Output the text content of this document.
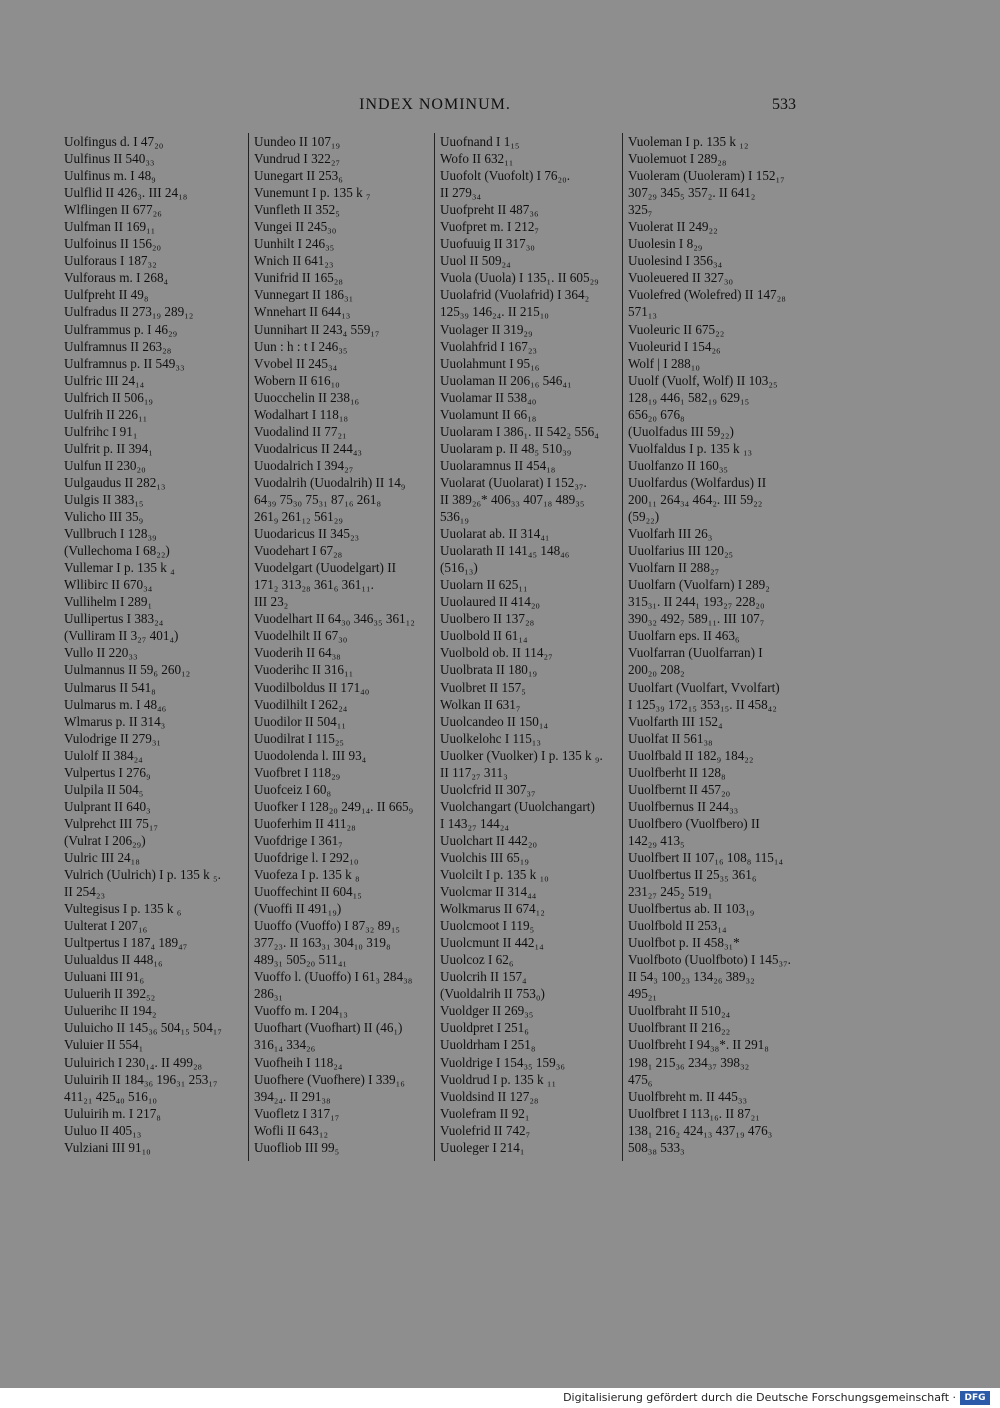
INDEX NOMINUM.	533
Uolfingus d. I 47₂₀
Uulfinus II 540₃₃
Uulfinus m. I 48₉
Uulflid II 426₃. III 24₁₈
Wlflingen II 677₂₆
Uulfman II 169₁₁
Uulfoinus II 156₂₀
Uulforaus I 187₃₂
Vulforaus m. I 268₄
Uulfpreht II 49₈
Uulfradus II 273₁₉ 289₁₂
Uulframmus p. I 46₂₉
Uulframnus II 263₂₈
Uulframnus p. II 549₃₃
Uulfric III 24₁₄
Uulfrich II 506₁₉
Uulfrih II 226₁₁
Uulfrihc I 91₁
Uulfrit p. II 394₁
Uulfun II 230₂₀
Uulgaudus II 282₁₃
Uulgis II 383₁₅
Vulicho III 35₉
Vullbruch I 128₃₉
(Vullechoma I 68₂₂)
Vullemar I p. 135 k ₄
Wllibirc II 670₃₄
Vullihelm I 289₁
Uullipertus I 383₂₄
(Vulliram II 3₂₇ 401₄)
Vullo II 220₃₃
Uulmannus II 59₆ 260₁₂
Uulmarus II 541₈
Uulmarus m. I 48₄₆
Wlmarus p. II 314₃
Vulodrige II 279₃₁
Uulolf II 384₂₄
Vulpertus I 276₉
Uulpila II 504₅
Uulprant II 640₃
Vulprehct III 75₁₇
(Vulrat I 206₂₉)
Uulric III 24₁₈
Vulrich (Uulrich) I p. 135 k ₅.
II 254₂₃
Vultegisus I p. 135 k ₆
Uulterat I 207₁₆
Uultpertus I 187₄ 189₄₇
Uulualdus II 448₁₆
Uuluani III 91₆
Uuluerih II 392₅₂
Uuluerihc II 194₂
Uuluicho II 145₃₆ 504₁₅ 504₁₇
Vuluier II 554₁
Uuluirich I 230₁₄. II 499₂₈
Uuluirih II 184₃₆ 196₃₁ 253₁₇
411₂₁ 425₄₀ 516₁₀
Uuluirih m. I 217₈
Uuluo II 405₁₃
Vulziani III 91₁₀
Uundeo II 107₁₉
Vundrud I 322₂₇
Uunegart II 253₆
Vunemunt I p. 135 k ₇
Vunfleth II 352₅
Vungei II 245₃₀
Uunhilt I 246₃₅
Wnich II 641₂₃
Vunifrid II 165₂₈
Vunnegart II 186₃₁
Wnnehart II 644₁₃
Uunnihart II 243₄ 559₁₇
Uun : h : t I 246₃₅
Vvobel II 245₃₄
Wobern II 616₁₀
Uuocchelin II 238₁₆
Wodalhart I 118₁₈
Vuodalind II 77₂₁
Vuodalricus II 244₄₃
Uuodalrich I 394₂₇
Vuodalrih (Uuodalrih) II 14₉
64₃₉ 75₃₀ 75₃₁ 87₁₆ 261₈
261₉ 261₁₂ 561₂₉
Uuodaricus II 345₂₃
Vuodehart I 67₂₈
Vuodelgart (Uuodelgart) II
171₂ 313₂₈ 361₆ 361₁₁.
III 23₂
Vuodelhart II 64₃₀ 346₃₅ 361₁₂
Vuodelhilt II 67₃₀
Vuoderih II 64₃₈
Vuoderihc II 316₁₁
Vuodilboldus II 171₄₀
Vuodilhilt I 262₂₄
Uuodilor II 504₁₁
Uuodilrat I 115₂₅
Uuodolenda l. III 93₄
Vuofbret I 118₂₉
Uuofceiz I 60₈
Uuofker I 128₂₀ 249₁₄. II 665₉
Uuoferhim II 411₂₈
Vuofdrige I 361₇
Uuofdrige l. I 292₁₀
Vuofeza I p. 135 k ₈
Uuoffechint II 604₁₅
(Vuoffi II 491₁₉)
Uuoffo (Vuoffo) I 87₃₂ 89₁₅
377₂₃. II 163₃₁ 304₁₀ 319₈
489₃₁ 505₂₀ 511₄₁
Vuoffo l. (Uuoffo) I 61₃ 284₃₈
286₃₁
Vuoffo m. I 204₁₃
Uuofhart (Vuofhart) II (46₁)
316₁₄ 334₂₆
Vuofheih I 118₂₄
Uuofhere (Vuofhere) I 339₁₆
394₂₄. II 291₃₈
Vuofletz I 317₁₇
Wofli II 643₁₂
Uuofliob III 99₅
Uuofnand I 1₁₅
Wofo II 632₁₁
Uuofolt (Vuofolt) I 76₂₀.
II 279₃₄
Uuofpreht II 487₃₆
Vuofpret m. I 212₇
Uuofuuig II 317₃₀
Uuol II 509₂₄
Vuola (Uuola) I 135₁. II 605₂₉
Uuolafrid (Vuolafrid) I 364₂
125₃₉ 146₂₄. II 215₁₀
Vuolager II 319₂₉
Vuolahfrid I 167₂₃
Uuolahmunt I 95₁₆
Uuolaman II 206₁₆ 546₄₁
Vuolamar II 538₄₀
Vuolamunt II 66₁₈
Uuolaram I 386₁. II 542₂ 556₄
Uuolaram p. II 48₅ 510₃₉
Uuolaramnus II 454₁₈
Vuolarat (Uuolarat) I 152₃₇.
II 389₂₆* 406₃₃ 407₁₈ 489₃₅
536₁₉
Uuolarat ab. II 314₄₁
Uuolarath II 141₄₅ 148₄₆
(516₁₃)
Uuolarn II 625₁₁
Uuolaured II 414₂₀
Uuolbero II 137₂₈
Uuolbold II 61₁₄
Vuolbold ob. II 114₂₇
Uuolbrata II 180₁₉
Vuolbret II 157₅
Wolkan II 631₇
Uuolcandeo II 150₁₄
Uuolkelohc I 115₁₃
Uuolker (Vuolker) I p. 135 k ₉.
II 117₂₇ 311₃
Uuolcfrid II 307₃₇
Vuolchangart (Uuolchangart)
I 143₂₇ 144₂₄
Uuolchart II 442₂₀
Vuolchis III 65₁₉
Vuolcilt I p. 135 k ₁₀
Vuolcmar II 314₄₄
Wolkmarus II 674₁₂
Uuolcmoot I 119₅
Uuolcmunt II 442₁₄
Uuolcoz I 62₆
Uuolcrih II 157₄
(Vuoldalrih II 753₀)
Vuoldger II 269₃₅
Uuoldpret I 251₆
Uuoldrham I 251₈
Vuoldrige I 154₃₅ 159₃₆
Vuoldrud I p. 135 k ₁₁
Vuoldsind II 127₂₈
Vuolefram II 92₁
Vuolefrid II 742₇
Uuoleger I 214₁
Vuoleman I p. 135 k ₁₂
Vuolemuot I 289₂₈
Vuoleram (Uuoleram) I 152₁₇
307₂₉ 345₅ 357₂. II 641₂
325₇
Vuolerat II 249₂₂
Uuolesin I 8₂₉
Uuolesind I 356₃₄
Vuoleuered II 327₃₀
Vuolefred (Wolefred) II 147₂₈
571₁₃
Vuoleuric II 675₂₂
Vuoleurid I 154₂₆
Wolf | I 288₁₀
Uuolf (Vuolf, Wolf) II 103₂₅
128₁₉ 446₁ 582₁₉ 629₁₅
656₂₀ 676₈
(Uuolfadus III 59₂₂)
Vuolfaldus I p. 135 k ₁₃
Uuolfanzo II 160₃₅
Uuolfardus (Wolfardus) II
200₁₁ 264₃₄ 464₂. III 59₂₂
(59₂₂)
Vuolfarh III 26₃
Uuolfarius III 120₂₅
Vuolfarn II 288₂₇
Uuolfarn (Vuolfarn) I 289₂
315₃₁. II 244₁ 193₂₇ 228₂₀
390₃₂ 492₇ 589₁₁. III 107₇
Uuolfarn eps. II 463₆
Vuolfarran (Uuolfarran) I
200₂₀ 208₂
Uuolfart (Vuolfart, Vvolfart)
I 125₃₉ 172₁₅ 353₁₅. II 458₄₂
Vuolfarth III 152₄
Uuolfat II 561₃₈
Uuolfbald II 182₉ 184₂₂
Uuolfberht II 128₈
Uuolfbernt II 457₂₀
Uuolfbernus II 244₃₃
Uuolfbero (Vuolfbero) II
142₂₉ 413₅
Uuolfbert II 107₁₆ 108₈ 115₁₄
Uuolfbertus II 25₃₅ 361₆
231₂₇ 245₂ 519₁
Uuolfbertus ab. II 103₁₉
Uuolfbold II 253₁₄
Uuolfbot p. II 458₃₁*
Vuolfboto (Uuolfboto) I 145₃₇.
II 54₃ 100₂₃ 134₂₆ 389₃₂
495₂₁
Uuolfbraht II 510₂₄
Uuolfbrant II 216₂₂
Uuolfbreht I 94₃₈*. II 291₈
198₁ 215₃₆ 234₃₇ 398₃₂
475₆
Uuolfbreht m. II 445₃₃
Uuolfbret I 113₁₆. II 87₂₁
138₁ 216₂ 424₁₃ 437₁₉ 476₃
508₃₈ 533₃
Digitalisierung gefördert durch die Deutsche Forschungsgemeinschaft · DFG
